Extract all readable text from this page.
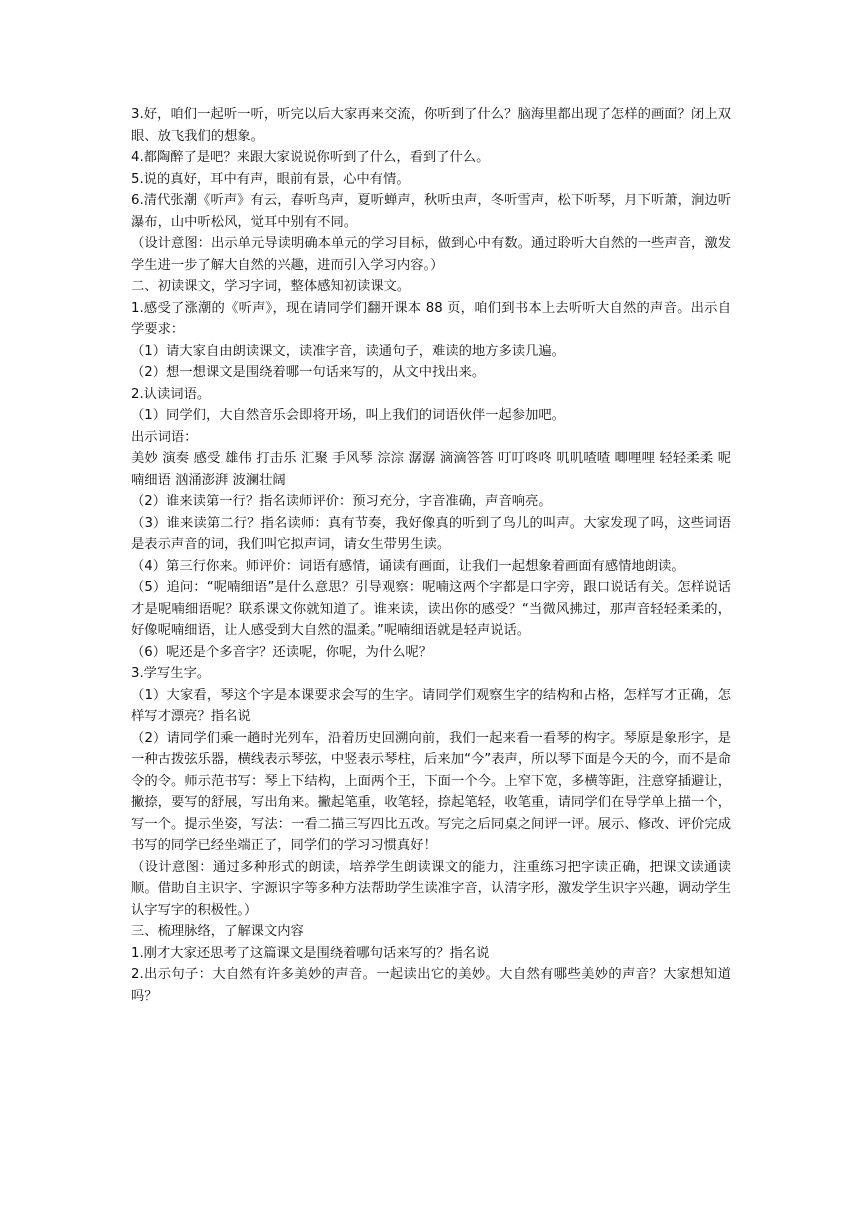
3.好，咱们一起听一听，听完以后大家再来交流，你听到了什么？脑海里都出现了怎样的画面？闭上双眼、放飞我们的想象。

4.都陶醉了是吧？来跟大家说说你听到了什么，看到了什么。

5.说的真好，耳中有声，眼前有景，心中有情。

6.清代张潮《听声》有云，春听鸟声，夏听蝉声，秋听虫声，冬听雪声，松下听琴，月下听萧，涧边听瀑布，山中听松风，觉耳中别有不同。

（设计意图：出示单元导读明确本单元的学习目标，做到心中有数。通过聆听大自然的一些声音，激发学生进一步了解大自然的兴趣，进而引入学习内容。）

二、初读课文，学习字词，整体感知初读课文。

1.感受了涨潮的《听声》，现在请同学们翻开课本 88 页，咱们到书本上去听听大自然的声音。出示自学要求：

（1）请大家自由朗读课文，读准字音，读通句子，难读的地方多读几遍。

（2）想一想课文是围绕着哪一句话来写的，从文中找出来。

2.认读词语。

（1）同学们，大自然音乐会即将开场，叫上我们的词语伙伴一起参加吧。

出示词语：

美妙 演奏 感受 雄伟 打击乐 汇聚 手风琴 淙淙 潺潺 滴滴答答 叮叮咚咚 叽叽喳喳 唧哩哩 轻轻柔柔 呢喃细语 汹涌澎湃 波澜壮阔

（2）谁来读第一行？指名读师评价：预习充分，字音准确，声音响亮。

（3）谁来读第二行？指名读师：真有节奏，我好像真的听到了鸟儿的叫声。大家发现了吗，这些词语是表示声音的词，我们叫它拟声词，请女生带男生读。

（4）第三行你来。师评价：词语有感情，诵读有画面，让我们一起想象着画面有感情地朗读。

（5）追问：“呢喃细语”是什么意思？引导观察：呢喃这两个字都是口字旁，跟口说话有关。怎样说话才是呢喃细语呢？联系课文你就知道了。谁来读，读出你的感受？“当微风拂过，那声音轻轻柔柔的，好像呢喃细语，让人感受到大自然的温柔。”呢喃细语就是轻声说话。

（6）呢还是个多音字？还读呢，你呢，为什么呢？

3.学写生字。

（1）大家看，琴这个字是本课要求会写的生字。请同学们观察生字的结构和占格，怎样写才正确，怎样写才漂亮？指名说

（2）请同学们乘一趟时光列车，沿着历史回溯向前，我们一起来看一看琴的构字。琴原是象形字，是一种古拨弦乐器，横线表示琴弦，中竖表示琴柱，后来加“今”表声，所以琴下面是今天的今，而不是命令的令。师示范书写：琴上下结构，上面两个王，下面一个今。上窄下宽，多横等距，注意穿插避让，撇捺，要写的舒展，写出角来。撇起笔重，收笔轻，捺起笔轻，收笔重，请同学们在导学单上描一个，写一个。提示坐姿，写法：一看二描三写四比五改。写完之后同桌之间评一评。展示、修改、评价完成书写的同学已经坐端正了，同学们的学习习惯真好！

（设计意图：通过多种形式的朗读，培养学生朗读课文的能力，注重练习把字读正确，把课文读通读顺。借助自主识字、字源识字等多种方法帮助学生读准字音，认清字形，激发学生识字兴趣，调动学生认字写字的积极性。）

三、梳理脉络，了解课文内容

1.刚才大家还思考了这篇课文是围绕着哪句话来写的？指名说

2.出示句子：大自然有许多美妙的声音。一起读出它的美妙。大自然有哪些美妙的声音？大家想知道吗？
